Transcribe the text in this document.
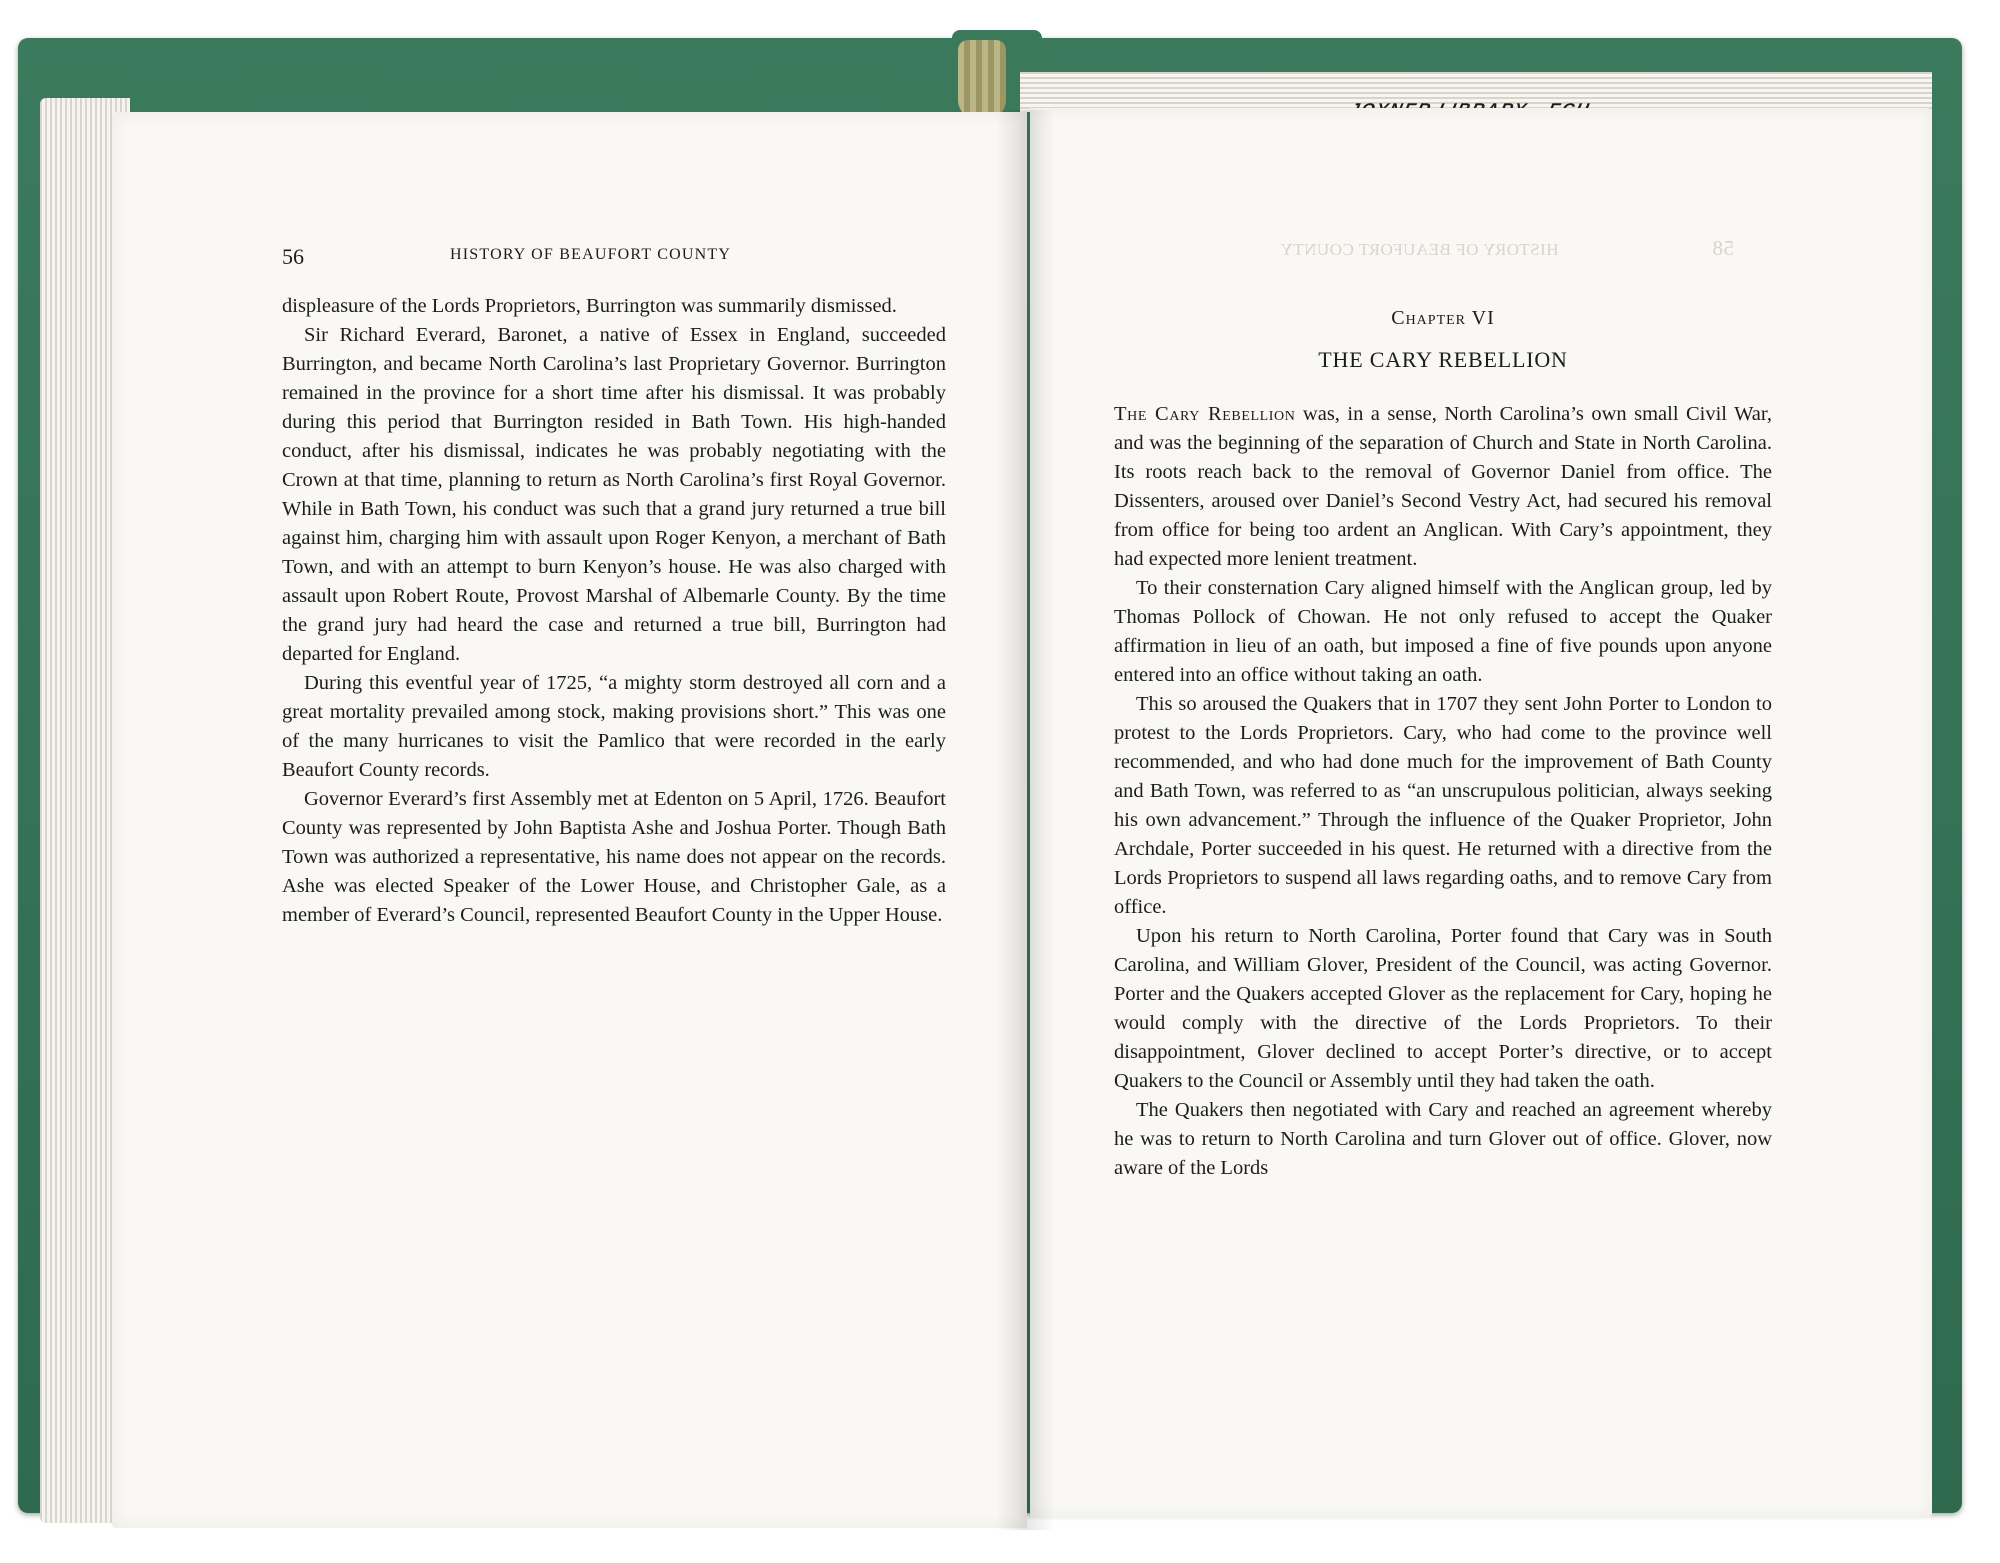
56	HISTORY OF BEAUFORT COUNTY

displeasure of the Lords Proprietors, Burrington was summarily dismissed.

Sir Richard Everard, Baronet, a native of Essex in England, succeeded Burrington, and became North Carolina’s last Proprietary Governor. Burrington remained in the province for a short time after his dismissal. It was probably during this period that Burrington resided in Bath Town. His high-handed conduct, after his dismissal, indicates he was probably negotiating with the Crown at that time, planning to return as North Carolina’s first Royal Governor. While in Bath Town, his conduct was such that a grand jury returned a true bill against him, charging him with assault upon Roger Kenyon, a merchant of Bath Town, and with an attempt to burn Kenyon’s house. He was also charged with assault upon Robert Route, Provost Marshal of Albemarle County. By the time the grand jury had heard the case and returned a true bill, Burrington had departed for England.

During this eventful year of 1725, “a mighty storm destroyed all corn and a great mortality prevailed among stock, making provisions short.” This was one of the many hurricanes to visit the Pamlico that were recorded in the early Beaufort County records.

Governor Everard’s first Assembly met at Edenton on 5 April, 1726. Beaufort County was represented by John Baptista Ashe and Joshua Porter. Though Bath Town was authorized a representative, his name does not appear on the records. Ashe was elected Speaker of the Lower House, and Christopher Gale, as a member of Everard’s Council, represented Beaufort County in the Upper House.

HISTORY OF BEAUFORT COUNTY	58
Chapter VI
THE CARY REBELLION

The Cary Rebellion was, in a sense, North Carolina’s own small Civil War, and was the beginning of the separation of Church and State in North Carolina. Its roots reach back to the removal of Governor Daniel from office. The Dissenters, aroused over Daniel’s Second Vestry Act, had secured his removal from office for being too ardent an Anglican. With Cary’s appointment, they had expected more lenient treatment.

To their consternation Cary aligned himself with the Anglican group, led by Thomas Pollock of Chowan. He not only refused to accept the Quaker affirmation in lieu of an oath, but imposed a fine of five pounds upon anyone entered into an office without taking an oath.

This so aroused the Quakers that in 1707 they sent John Porter to London to protest to the Lords Proprietors. Cary, who had come to the province well recommended, and who had done much for the improvement of Bath County and Bath Town, was referred to as “an unscrupulous politician, always seeking his own advancement.” Through the influence of the Quaker Proprietor, John Archdale, Porter succeeded in his quest. He returned with a directive from the Lords Proprietors to suspend all laws regarding oaths, and to remove Cary from office.

Upon his return to North Carolina, Porter found that Cary was in South Carolina, and William Glover, President of the Council, was acting Governor. Porter and the Quakers accepted Glover as the replacement for Cary, hoping he would comply with the directive of the Lords Proprietors. To their disappointment, Glover declined to accept Porter’s directive, or to accept Quakers to the Council or Assembly until they had taken the oath.

The Quakers then negotiated with Cary and reached an agreement whereby he was to return to North Carolina and turn Glover out of office. Glover, now aware of the Lords
